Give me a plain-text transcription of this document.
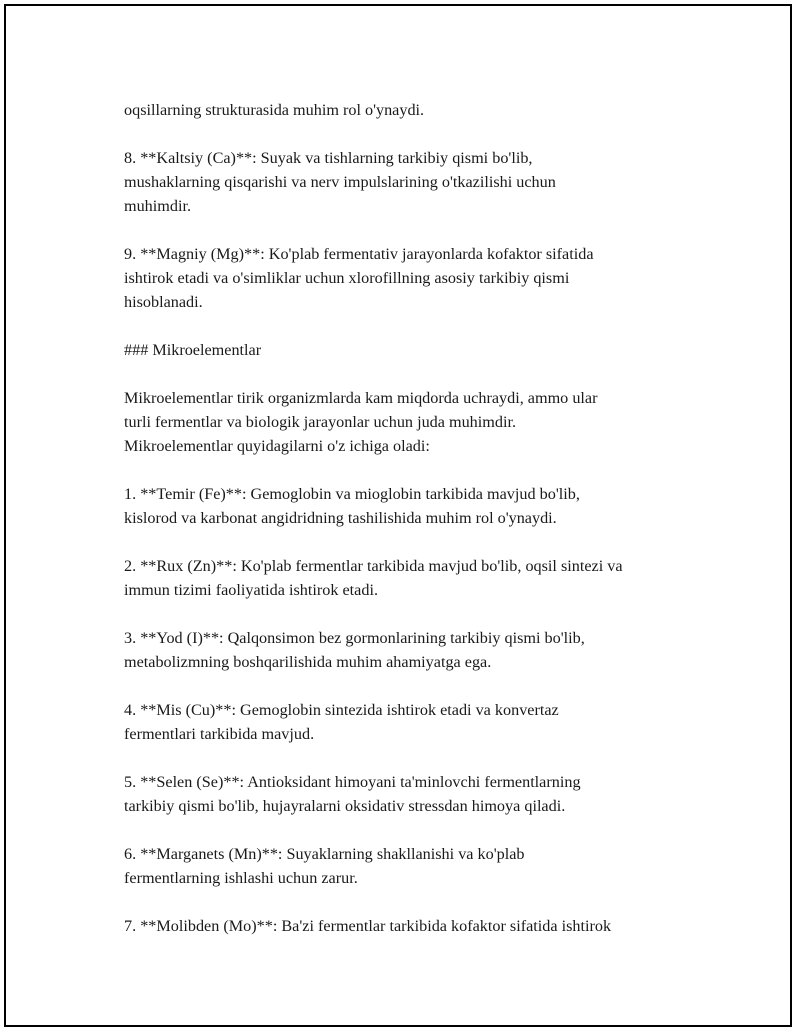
oqsillarning strukturasida muhim rol o'ynaydi.

8. **Kaltsiy (Ca)**: Suyak va tishlarning tarkibiy qismi bo'lib,
mushaklarning qisqarishi va nerv impulslarining o'tkazilishi uchun
muhimdir.

9. **Magniy (Mg)**: Ko'plab fermentativ jarayonlarda kofaktor sifatida
ishtirok etadi va o'simliklar uchun xlorofillning asosiy tarkibiy qismi
hisoblanadi.

### Mikroelementlar

Mikroelementlar tirik organizmlarda kam miqdorda uchraydi, ammo ular
turli fermentlar va biologik jarayonlar uchun juda muhimdir.
Mikroelementlar quyidagilarni o'z ichiga oladi:

1. **Temir (Fe)**: Gemoglobin va mioglobin tarkibida mavjud bo'lib,
kislorod va karbonat angidridning tashilishida muhim rol o'ynaydi.

2. **Rux (Zn)**: Ko'plab fermentlar tarkibida mavjud bo'lib, oqsil sintezi va
immun tizimi faoliyatida ishtirok etadi.

3. **Yod (I)**: Qalqonsimon bez gormonlarining tarkibiy qismi bo'lib,
metabolizmning boshqarilishida muhim ahamiyatga ega.

4. **Mis (Cu)**: Gemoglobin sintezida ishtirok etadi va konvertaz
fermentlari tarkibida mavjud.

5. **Selen (Se)**: Antioksidant himoyani ta'minlovchi fermentlarning
tarkibiy qismi bo'lib, hujayralarni oksidativ stressdan himoya qiladi.

6. **Marganets (Mn)**: Suyaklarning shakllanishi va ko'plab
fermentlarning ishlashi uchun zarur.

7. **Molibden (Mo)**: Ba'zi fermentlar tarkibida kofaktor sifatida ishtirok
